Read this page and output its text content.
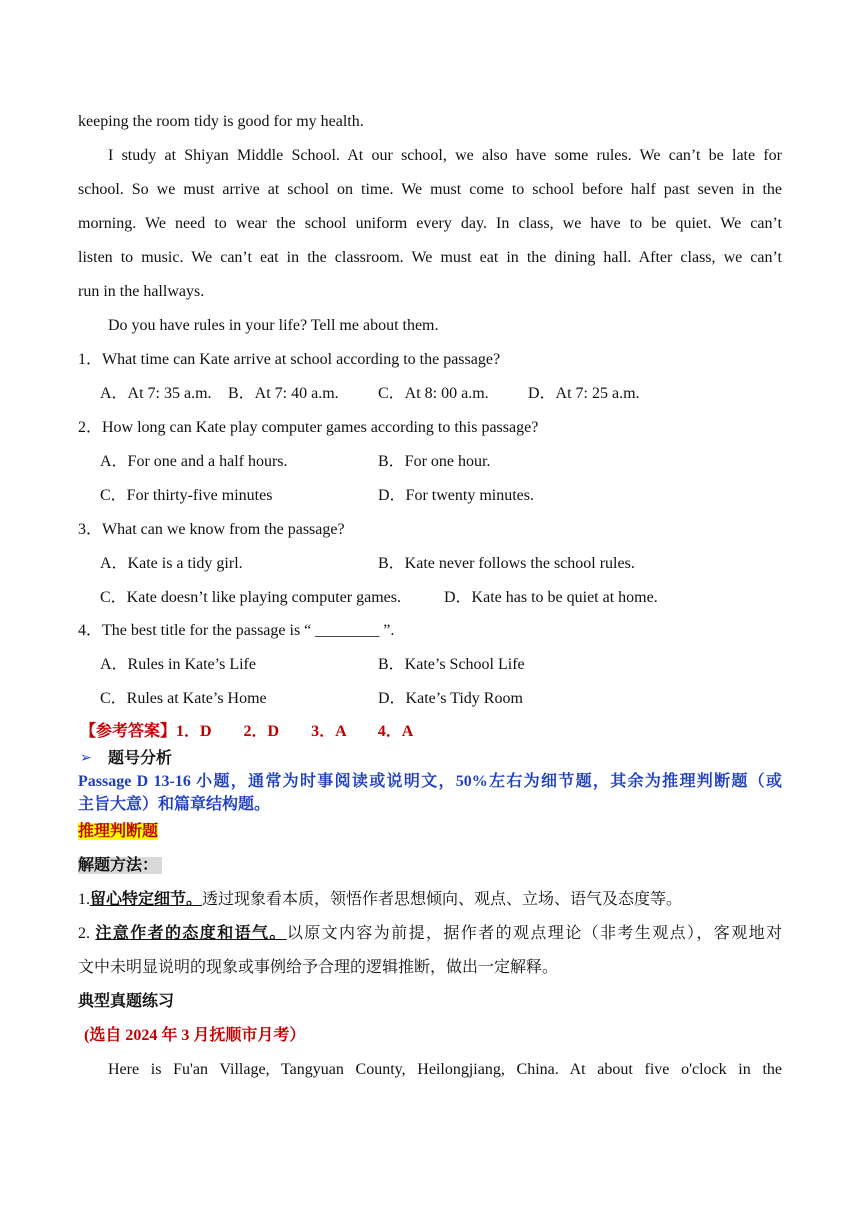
keeping the room tidy is good for my health.
I study at Shiyan Middle School. At our school, we also have some rules. We can’t be late for
school. So we must arrive at school on time. We must come to school before half past seven in the
morning. We need to wear the school uniform every day. In class, we have to be quiet. We can’t
listen to music. We can’t eat in the classroom. We must eat in the dining hall. After class, we can’t
run in the hallways.
Do you have rules in your life? Tell me about them.
1．What time can Kate arrive at school according to the passage?
A．At 7: 35 a.m. B．At 7: 40 a.m. C．At 8: 00 a.m. D．At 7: 25 a.m.
2．How long can Kate play computer games according to this passage?
A．For one and a half hours.	B．For one hour.
C．For thirty-five minutes	D．For twenty minutes.
3．What can we know from the passage?
A．Kate is a tidy girl.	B．Kate never follows the school rules.
C．Kate doesn’t like playing computer games.	D．Kate has to be quiet at home.
4．The best title for the passage is “ ________ ”.
A．Rules in Kate’s Life	B．Kate’s School Life
C．Rules at Kate’s Home	D．Kate’s Tidy Room
【参考答案】1．D　　2．D　　3．A　　4．A
➢ 题号分析
Passage D 13-16 小题，通常为时事阅读或说明文，50%左右为细节题，其余为推理判断题（或
主旨大意）和篇章结构题。
推理判断题
解题方法：
1.留心特定细节。透过现象看本质，领悟作者思想倾向、观点、立场、语气及态度等。
2. 注意作者的态度和语气。以原文内容为前提，据作者的观点理论（非考生观点），客观地对
文中未明显说明的现象或事例给予合理的逻辑推断，做出一定解释。
典型真题练习
(选自 2024 年 3 月抚顺市月考）
Here is Fu'an Village, Tangyuan County, Heilongjiang, China. At about five o'clock in the
